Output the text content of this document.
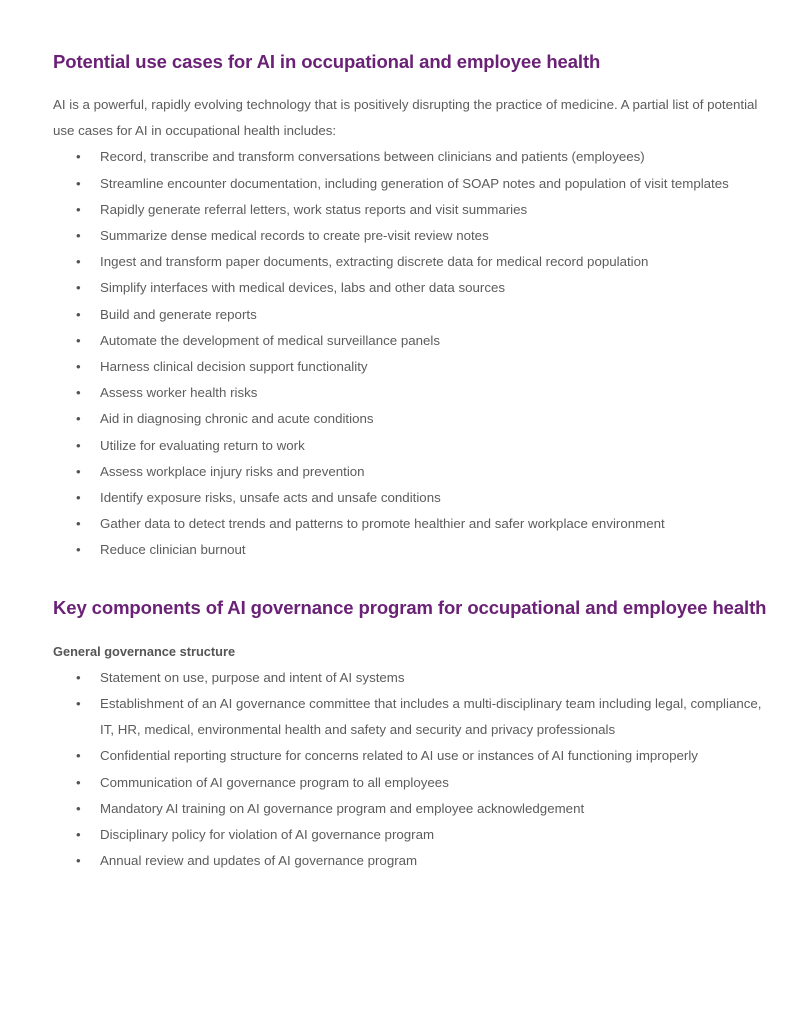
Potential use cases for AI in occupational and employee health

AI is a powerful, rapidly evolving technology that is positively disrupting the practice of medicine. A partial list of potential use cases for AI in occupational health includes:

•	Record, transcribe and transform conversations between clinicians and patients (employees)
•	Streamline encounter documentation, including generation of SOAP notes and population of visit templates
•	Rapidly generate referral letters, work status reports and visit summaries
•	Summarize dense medical records to create pre-visit review notes
•	Ingest and transform paper documents, extracting discrete data for medical record population
•	Simplify interfaces with medical devices, labs and other data sources
•	Build and generate reports
•	Automate the development of medical surveillance panels
•	Harness clinical decision support functionality
•	Assess worker health risks
•	Aid in diagnosing chronic and acute conditions
•	Utilize for evaluating return to work
•	Assess workplace injury risks and prevention
•	Identify exposure risks, unsafe acts and unsafe conditions
•	Gather data to detect trends and patterns to promote healthier and safer workplace environment
•	Reduce clinician burnout
Key components of AI governance program for occupational and employee health

General governance structure

•	Statement on use, purpose and intent of AI systems
•	Establishment of an AI governance committee that includes a multi-disciplinary team including legal, compliance, IT, HR, medical, environmental health and safety and security and privacy professionals
•	Confidential reporting structure for concerns related to AI use or instances of AI functioning improperly
•	Communication of AI governance program to all employees
•	Mandatory AI training on AI governance program and employee acknowledgement
•	Disciplinary policy for violation of AI governance program
•	Annual review and updates of AI governance program
